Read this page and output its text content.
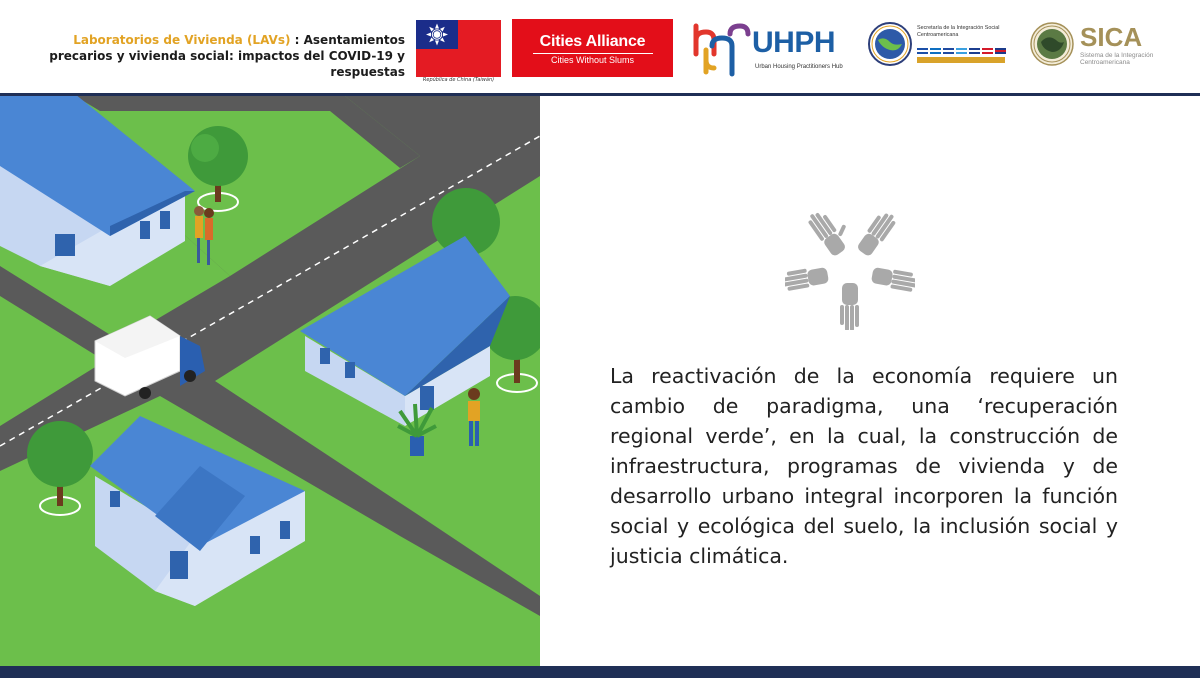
Laboratorios de Vivienda (LAVs) : Asentamientos precarios y vivienda social: impactos del COVID-19 y respuestas
República de China (Taiwán)
Cities Alliance
Cities Without Slums
UHPH
Urban Housing Practitioners Hub
Secretaría de la Integración Social Centroamericana	SICA
Sistema de la Integración Centroamericana

La reactivación de la economía requiere un cambio de paradigma, una ‘recuperación regional verde’, en la cual, la construcción de infraestructura, programas de vivienda y de desarrollo urbano integral incorporen la función social y ecológica del suelo, la inclusión social y justicia climática.
